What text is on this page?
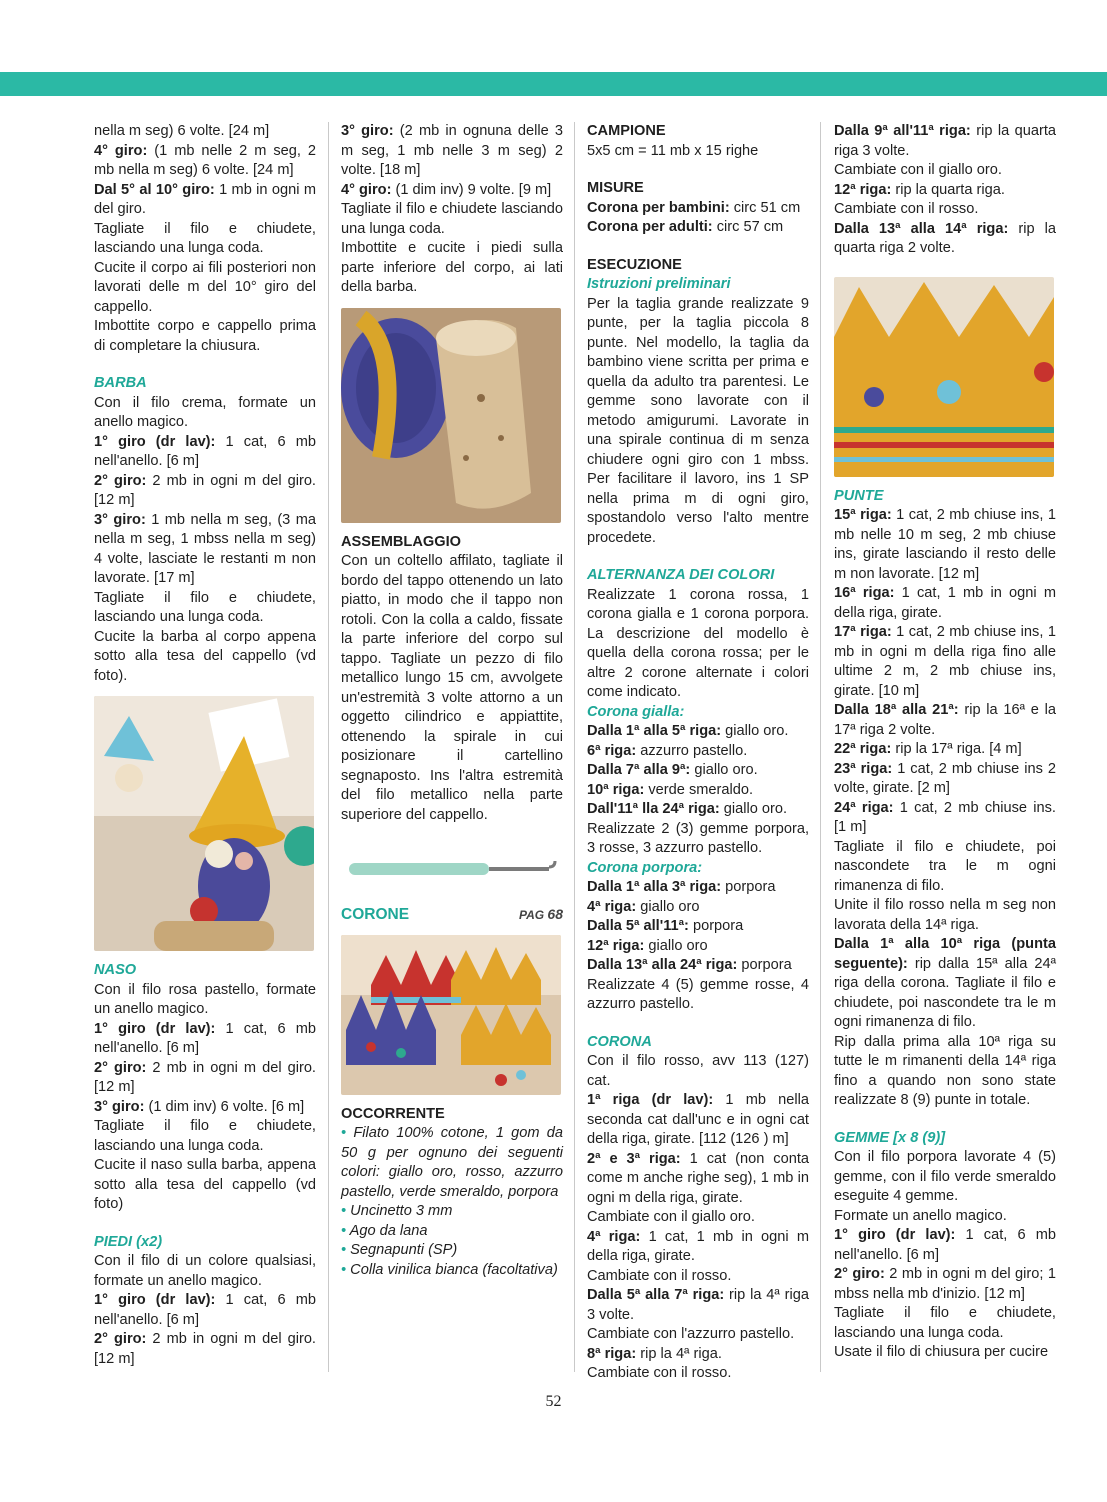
nella m seg) 6 volte. [24 m]

4° giro: (1 mb nelle 2 m seg, 2 mb nella m seg) 6 volte. [24 m]

Dal 5° al 10° giro: 1 mb in ogni m del giro.

Tagliate il filo e chiudete, lasciando una lunga coda.

Cucite il corpo ai fili posteriori non lavorati delle m del 10° giro del cappello.

Imbottite corpo e cappello prima di completare la chiusura.

BARBA

Con il filo crema, formate un anello magico.

1° giro (dr lav): 1 cat, 6 mb nell'anello. [6 m]

2° giro: 2 mb in ogni m del giro. [12 m]

3° giro: 1 mb nella m seg, (3 ma nella m seg, 1 mbss nella m seg) 4 volte, lasciate le restanti m non lavorate. [17 m]

Tagliate il filo e chiudete, lasciando una lunga coda.

Cucite la barba al corpo appena sotto alla tesa del cappello (vd foto).

NASO

Con il filo rosa pastello, formate un anello magico.

1° giro (dr lav): 1 cat, 6 mb nell'anello. [6 m]

2° giro: 2 mb in ogni m del giro. [12 m]

3° giro: (1 dim inv) 6 volte. [6 m]

Tagliate il filo e chiudete, lasciando una lunga coda.

Cucite il naso sulla barba, appena sotto alla tesa del cappello (vd foto)

PIEDI (x2)

Con il filo di un colore qualsiasi, formate un anello magico.

1° giro (dr lav): 1 cat, 6 mb nell'anello. [6 m]

2° giro: 2 mb in ogni m del giro. [12 m]

3° giro: (2 mb in ognuna delle 3 m seg, 1 mb nelle 3 m seg) 2 volte. [18 m]

4° giro: (1 dim inv) 9 volte. [9 m]

Tagliate il filo e chiudete lasciando una lunga coda.

Imbottite e cucite i piedi sulla parte inferiore del corpo, ai lati della barba.

ASSEMBLAGGIO

Con un coltello affilato, tagliate il bordo del tappo ottenendo un lato piatto, in modo che il tappo non rotoli. Con la colla a caldo, fissate la parte inferiore del corpo sul tappo. Tagliate un pezzo di filo metallico lungo 15 cm, avvolgete un'estremità 3 volte attorno a un oggetto cilindrico e appiattite, ottenendo la spirale in cui posizionare il cartellino segnaposto. Ins l'altra estremità del filo metallico nella parte superiore del cappello.

CORONE	PAG 68

OCCORRENTE

• Filato 100% cotone, 1 gom da 50 g per ognuno dei seguenti colori: giallo oro, rosso, azzurro pastello, verde smeraldo, porpora

• Uncinetto 3 mm

• Ago da lana

• Segnapunti (SP)

• Colla vinilica bianca (facoltativa)

CAMPIONE

5x5 cm = 11 mb x 15 righe

MISURE

Corona per bambini: circ 51 cm

Corona per adulti: circ 57 cm

ESECUZIONE

Istruzioni preliminari

Per la taglia grande realizzate 9 punte, per la taglia piccola 8 punte. Nel modello, la taglia da bambino viene scritta per prima e quella da adulto tra parentesi. Le gemme sono lavorate con il metodo amigurumi. Lavorate in una spirale continua di m senza chiudere ogni giro con 1 mbss. Per facilitare il lavoro, ins 1 SP nella prima m di ogni giro, spostandolo verso l'alto mentre procedete.

ALTERNANZA DEI COLORI

Realizzate 1 corona rossa, 1 corona gialla e 1 corona porpora. La descrizione del modello è quella della corona rossa; per le altre 2 corone alternate i colori come indicato.

Corona gialla:

Dalla 1ª alla 5ª riga: giallo oro.

6ª riga: azzurro pastello.

Dalla 7ª alla 9ª: giallo oro.

10ª riga: verde smeraldo.

Dall'11ª lla 24ª riga: giallo oro.

Realizzate 2 (3) gemme porpora, 3 rosse, 3 azzurro pastello.

Corona porpora:

Dalla 1ª alla 3ª riga: porpora

4ª riga: giallo oro

Dalla 5ª all'11ª: porpora

12ª riga: giallo oro

Dalla 13ª alla 24ª riga: porpora

Realizzate 4 (5) gemme rosse, 4 azzurro pastello.

CORONA

Con il filo rosso, avv 113 (127) cat.

1ª riga (dr lav): 1 mb nella seconda cat dall'unc e in ogni cat della riga, girate. [112 (126 ) m]

2ª e 3ª riga: 1 cat (non conta come m anche righe seg), 1 mb in ogni m della riga, girate.

Cambiate con il giallo oro.

4ª riga: 1 cat, 1 mb in ogni m della riga, girate.

Cambiate con il rosso.

Dalla 5ª alla 7ª riga: rip la 4ª riga 3 volte.

Cambiate con l'azzurro pastello.

8ª riga: rip la 4ª riga.

Cambiate con il rosso.

Dalla 9ª all'11ª riga: rip la quarta riga 3 volte.

Cambiate con il giallo oro.

12ª riga: rip la quarta riga.

Cambiate con il rosso.

Dalla 13ª alla 14ª riga: rip la quarta riga 2 volte.

PUNTE

15ª riga: 1 cat, 2 mb chiuse ins, 1 mb nelle 10 m seg, 2 mb chiuse ins, girate lasciando il resto delle m non lavorate. [12 m]

16ª riga: 1 cat, 1 mb in ogni m della riga, girate.

17ª riga: 1 cat, 2 mb chiuse ins, 1 mb in ogni m della riga fino alle ultime 2 m, 2 mb chiuse ins, girate. [10 m]

Dalla 18ª alla 21ª: rip la 16ª e la 17ª riga 2 volte.

22ª riga: rip la 17ª riga. [4 m]

23ª riga: 1 cat, 2 mb chiuse ins 2 volte, girate. [2 m]

24ª riga: 1 cat, 2 mb chiuse ins. [1 m]

Tagliate il filo e chiudete, poi nascondete tra le m ogni rimanenza di filo.

Unite il filo rosso nella m seg non lavorata della 14ª riga.

Dalla 1ª alla 10ª riga (punta seguente): rip dalla 15ª alla 24ª riga della corona. Tagliate il filo e chiudete, poi nascondete tra le m ogni rimanenza di filo.

Rip dalla prima alla 10ª riga su tutte le m rimanenti della 14ª riga fino a quando non sono state realizzate 8 (9) punte in totale.

GEMME [x 8 (9)]

Con il filo porpora lavorate 4 (5) gemme, con il filo verde smeraldo eseguite 4 gemme.

Formate un anello magico.

1° giro (dr lav): 1 cat, 6 mb nell'anello. [6 m]

2° giro: 2 mb in ogni m del giro; 1 mbss nella mb d'inizio. [12 m]

Tagliate il filo e chiudete, lasciando una lunga coda.

Usate il filo di chiusura per cucire

52
